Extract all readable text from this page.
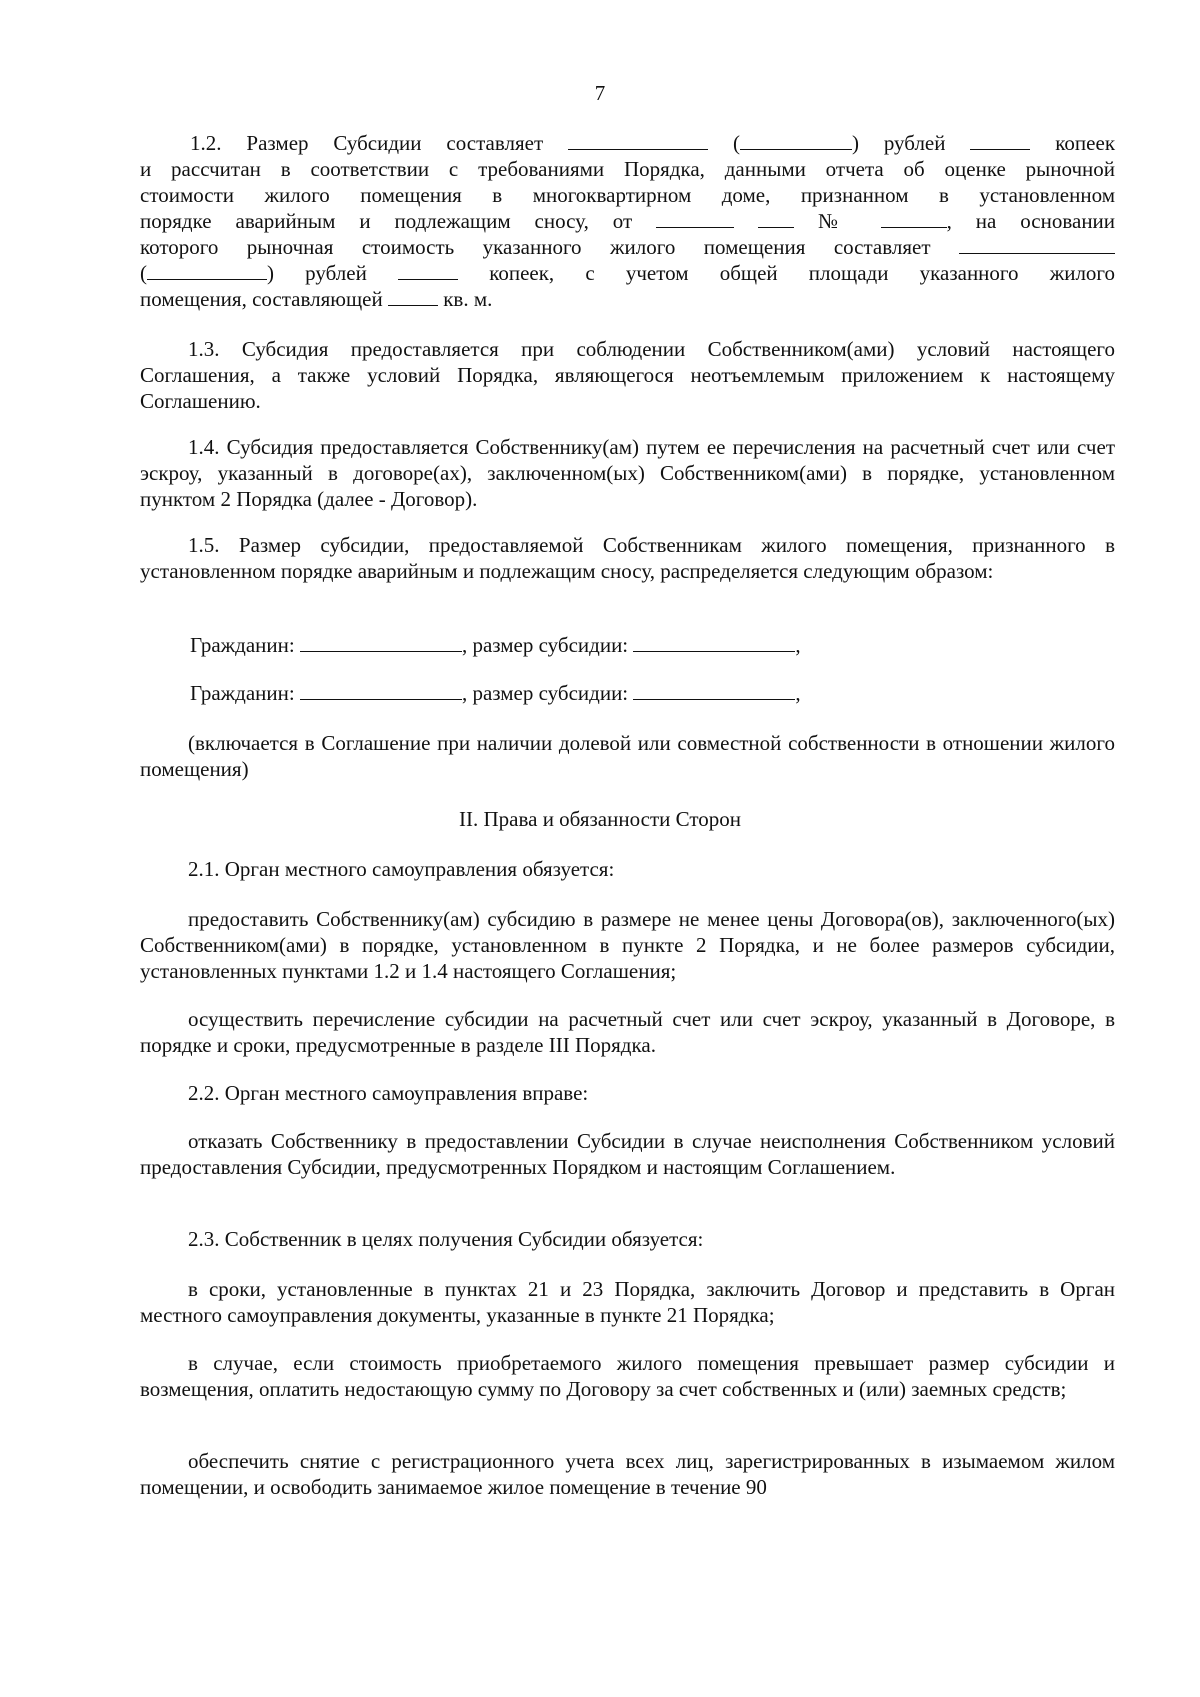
7
1.2. Размер Субсидии составляет	(	) рублей	копеек
и рассчитан в соответствии с требованиями Порядка, данными отчета об оценке рыночной
стоимости жилого помещения в многоквартирном доме, признанном в установленном
порядке аварийным и подлежащим сносу, от	№	, на основании
которого рыночная стоимость указанного жилого помещения составляет
(	) рублей	копеек, с учетом общей площади указанного жилого
помещения, составляющей	кв. м.

1.3. Субсидия предоставляется при соблюдении Собственником(ами) условий настоящего Соглашения, а также условий Порядка, являющегося неотъемлемым приложением к настоящему Соглашению.

1.4. Субсидия предоставляется Собственнику(ам) путем ее перечисления на расчетный счет или счет эскроу, указанный в договоре(ах), заключенном(ых) Собственником(ами) в порядке, установленном пунктом 2 Порядка (далее - Договор).

1.5. Размер субсидии, предоставляемой Собственникам жилого помещения, признанного в установленном порядке аварийным и подлежащим сносу, распределяется следующим образом:

Гражданин:	, размер субсидии:	,
Гражданин:	, размер субсидии:	,

(включается в Соглашение при наличии долевой или совместной собственности в отношении жилого помещения)

II. Права и обязанности Сторон

2.1. Орган местного самоуправления обязуется:

предоставить Собственнику(ам) субсидию в размере не менее цены Договора(ов), заключенного(ых) Собственником(ами) в порядке, установленном в пункте 2 Порядка, и не более размеров субсидии, установленных пунктами 1.2 и 1.4 настоящего Соглашения;

осуществить перечисление субсидии на расчетный счет или счет эскроу, указанный в Договоре, в порядке и сроки, предусмотренные в разделе III Порядка.

2.2. Орган местного самоуправления вправе:

отказать Собственнику в предоставлении Субсидии в случае неисполнения Собственником условий предоставления Субсидии, предусмотренных Порядком и настоящим Соглашением.

2.3. Собственник в целях получения Субсидии обязуется:

в сроки, установленные в пунктах 21 и 23 Порядка, заключить Договор и представить в Орган местного самоуправления документы, указанные в пункте 21 Порядка;

в случае, если стоимость приобретаемого жилого помещения превышает размер субсидии и возмещения, оплатить недостающую сумму по Договору за счет собственных и (или) заемных средств;

обеспечить снятие с регистрационного учета всех лиц, зарегистрированных в изымаемом жилом помещении, и освободить занимаемое жилое помещение в течение 90
